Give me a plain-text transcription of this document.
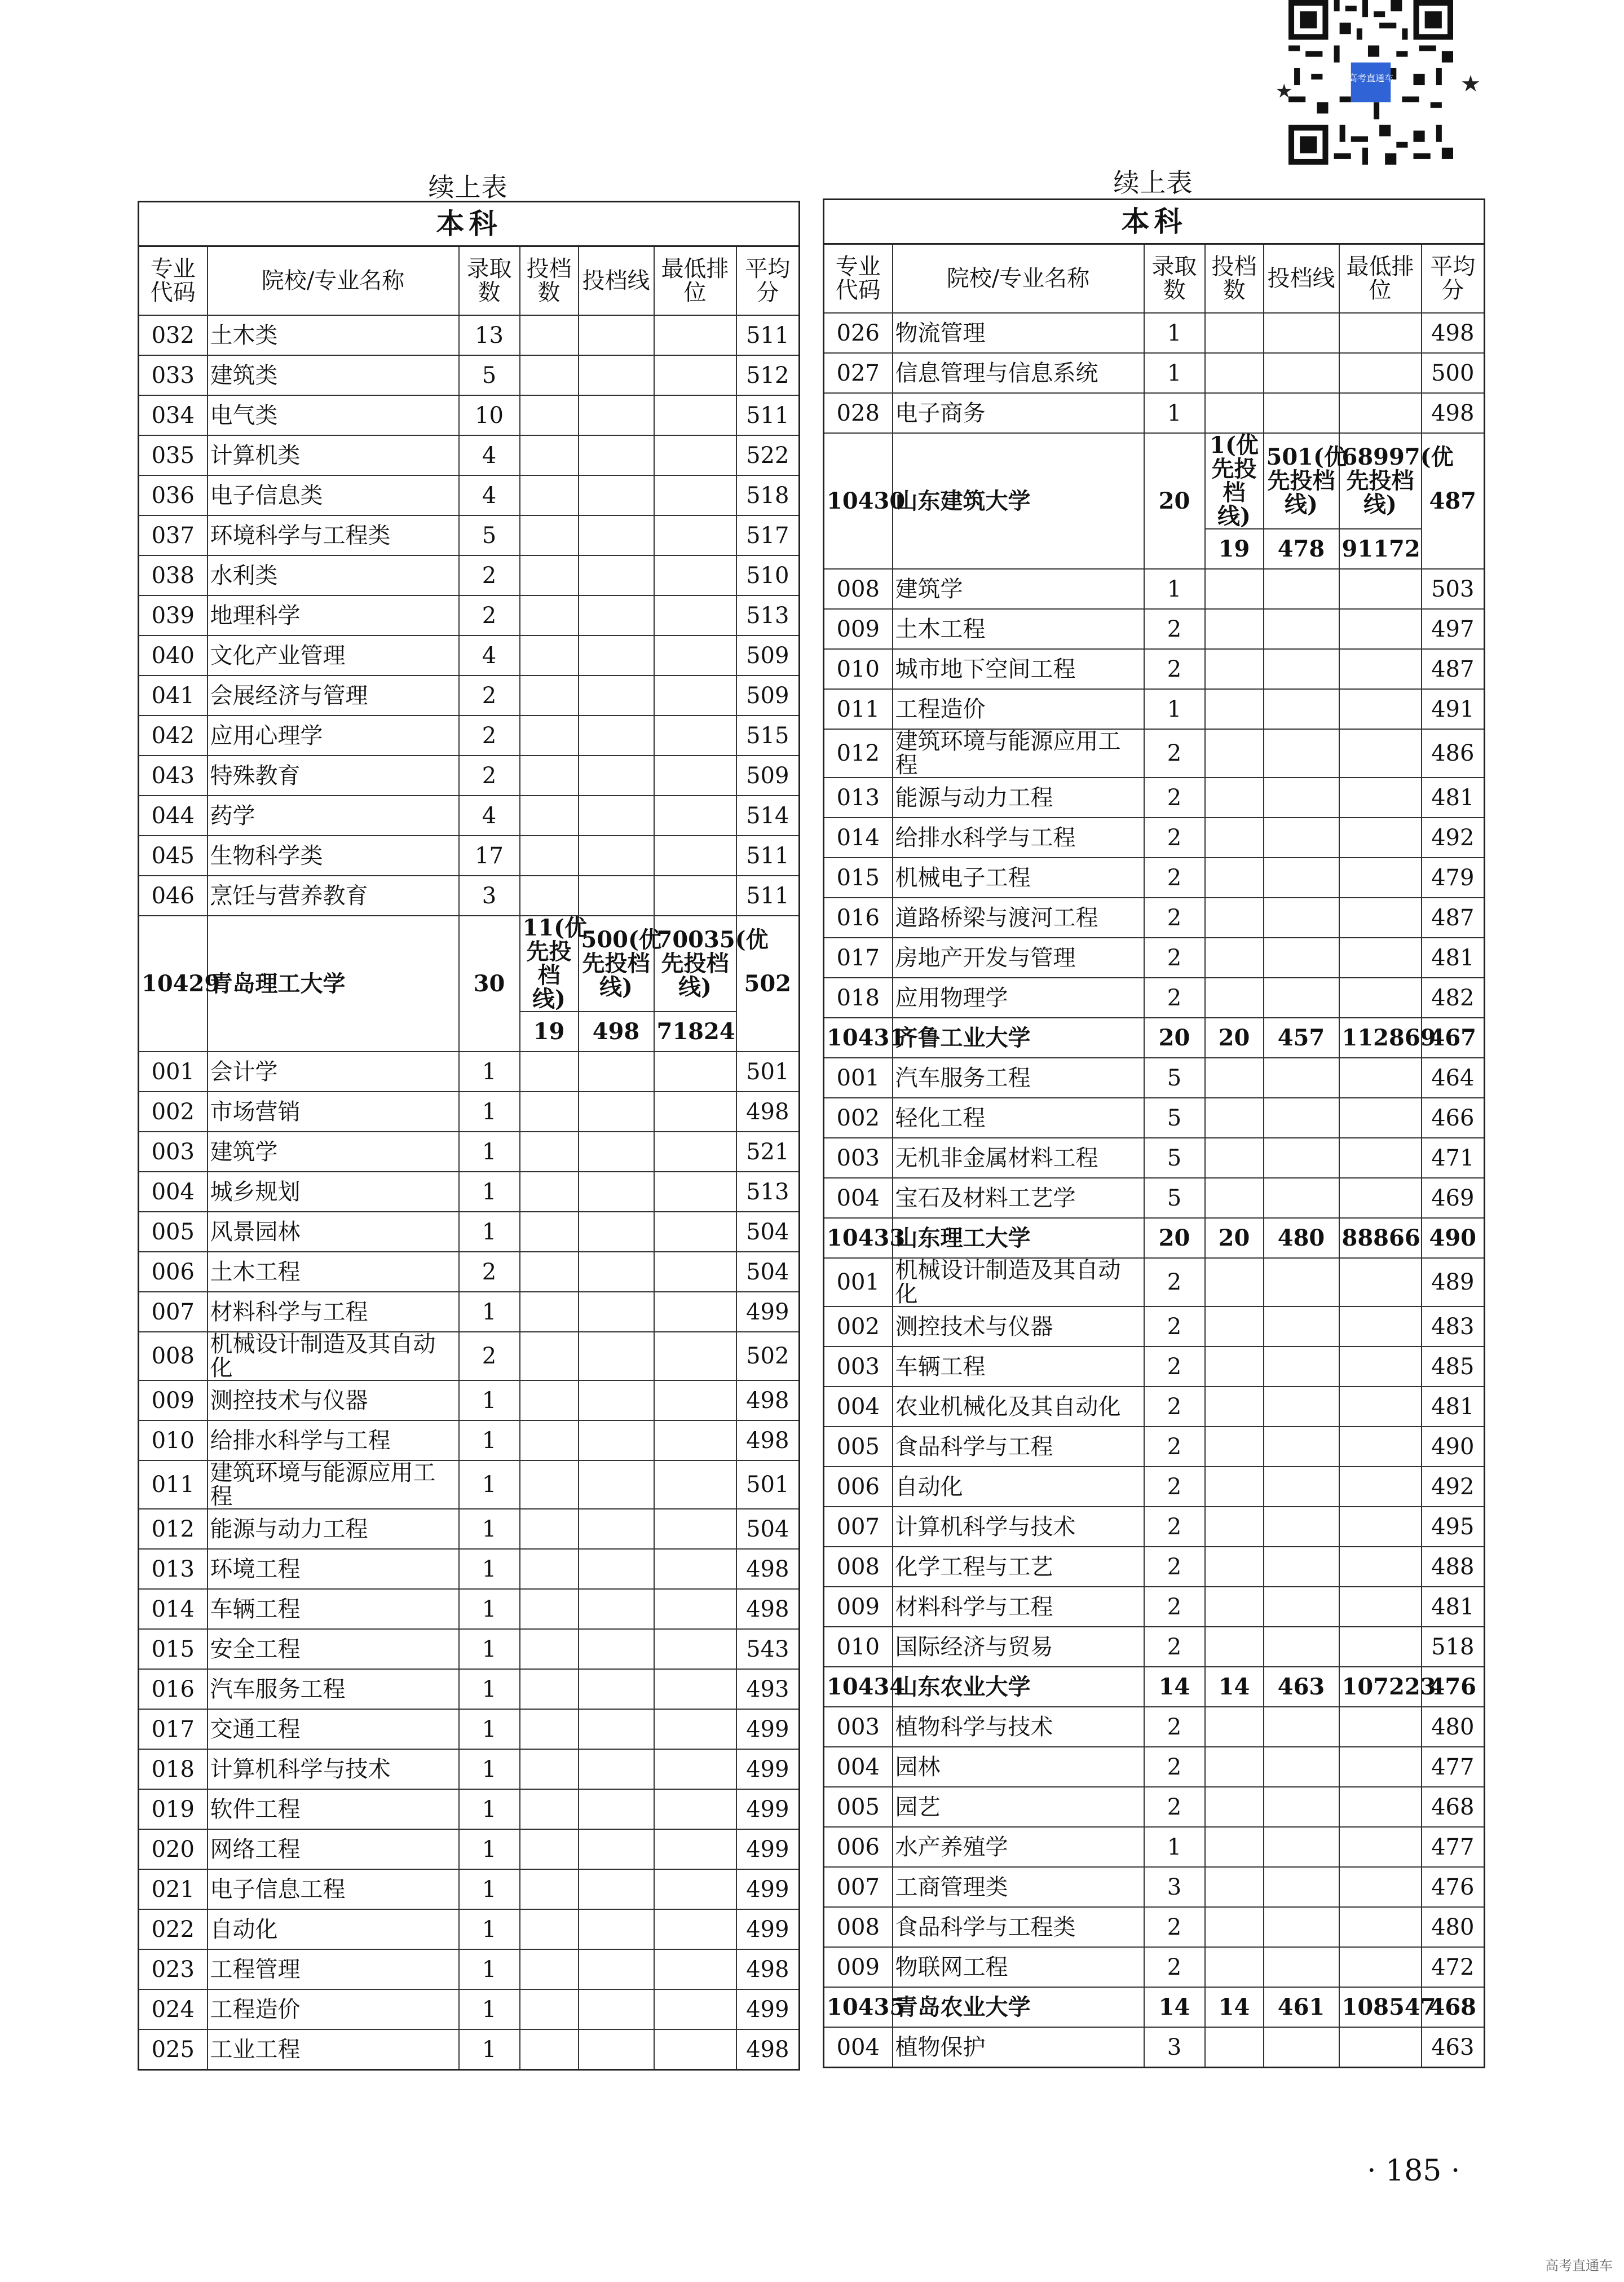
高考直通车
★	★
续上表
本科						
专业代码	院校/专业名称	录取数	投档数	投档线	最低排位	平均分
032	土木类	13				511
033	建筑类	5				512
034	电气类	10				511
035	计算机类	4				522
036	电子信息类	4				518
037	环境科学与工程类	5				517
038	水利类	2				510
039	地理科学	2				513
040	文化产业管理	4				509
041	会展经济与管理	2				509
042	应用心理学	2				515
043	特殊教育	2				509
044	药学	4				514
045	生物科学类	17				511
046	烹饪与营养教育	3				511
10429	青岛理工大学	30	11(优先投档线)	500(优先投档线)	70035(优先投档线)	502
			19	498	71824	
001	会计学	1				501
002	市场营销	1				498
003	建筑学	1				521
004	城乡规划	1				513
005	风景园林	1				504
006	土木工程	2				504
007	材料科学与工程	1				499
008	机械设计制造及其自动化	2				502
009	测控技术与仪器	1				498
010	给排水科学与工程	1				498
011	建筑环境与能源应用工程	1				501
012	能源与动力工程	1				504
013	环境工程	1				498
014	车辆工程	1				498
015	安全工程	1				543
016	汽车服务工程	1				493
017	交通工程	1				499
018	计算机科学与技术	1				499
019	软件工程	1				499
020	网络工程	1				499
021	电子信息工程	1				499
022	自动化	1				499
023	工程管理	1				498
024	工程造价	1				499
025	工业工程	1				498
续上表
本科						
专业代码	院校/专业名称	录取数	投档数	投档线	最低排位	平均分
026	物流管理	1				498
027	信息管理与信息系统	1				500
028	电子商务	1				498
10430	山东建筑大学	20	1(优先投档线)	501(优先投档线)	68997(优先投档线)	487
			19	478	91172	
008	建筑学	1				503
009	土木工程	2				497
010	城市地下空间工程	2				487
011	工程造价	1				491
012	建筑环境与能源应用工程	2				486
013	能源与动力工程	2				481
014	给排水科学与工程	2				492
015	机械电子工程	2				479
016	道路桥梁与渡河工程	2				487
017	房地产开发与管理	2				481
018	应用物理学	2				482
10431	齐鲁工业大学	20	20	457	112869	467
001	汽车服务工程	5				464
002	轻化工程	5				466
003	无机非金属材料工程	5				471
004	宝石及材料工艺学	5				469
10433	山东理工大学	20	20	480	88866	490
001	机械设计制造及其自动化	2				489
002	测控技术与仪器	2				483
003	车辆工程	2				485
004	农业机械化及其自动化	2				481
005	食品科学与工程	2				490
006	自动化	2				492
007	计算机科学与技术	2				495
008	化学工程与工艺	2				488
009	材料科学与工程	2				481
010	国际经济与贸易	2				518
10434	山东农业大学	14	14	463	107223	476
003	植物科学与技术	2				480
004	园林	2				477
005	园艺	2				468
006	水产养殖学	1				477
007	工商管理类	3				476
008	食品科学与工程类	2				480
009	物联网工程	2				472
10435	青岛农业大学	14	14	461	108547	468
004	植物保护	3				463
· 185 ·
高考直通车
